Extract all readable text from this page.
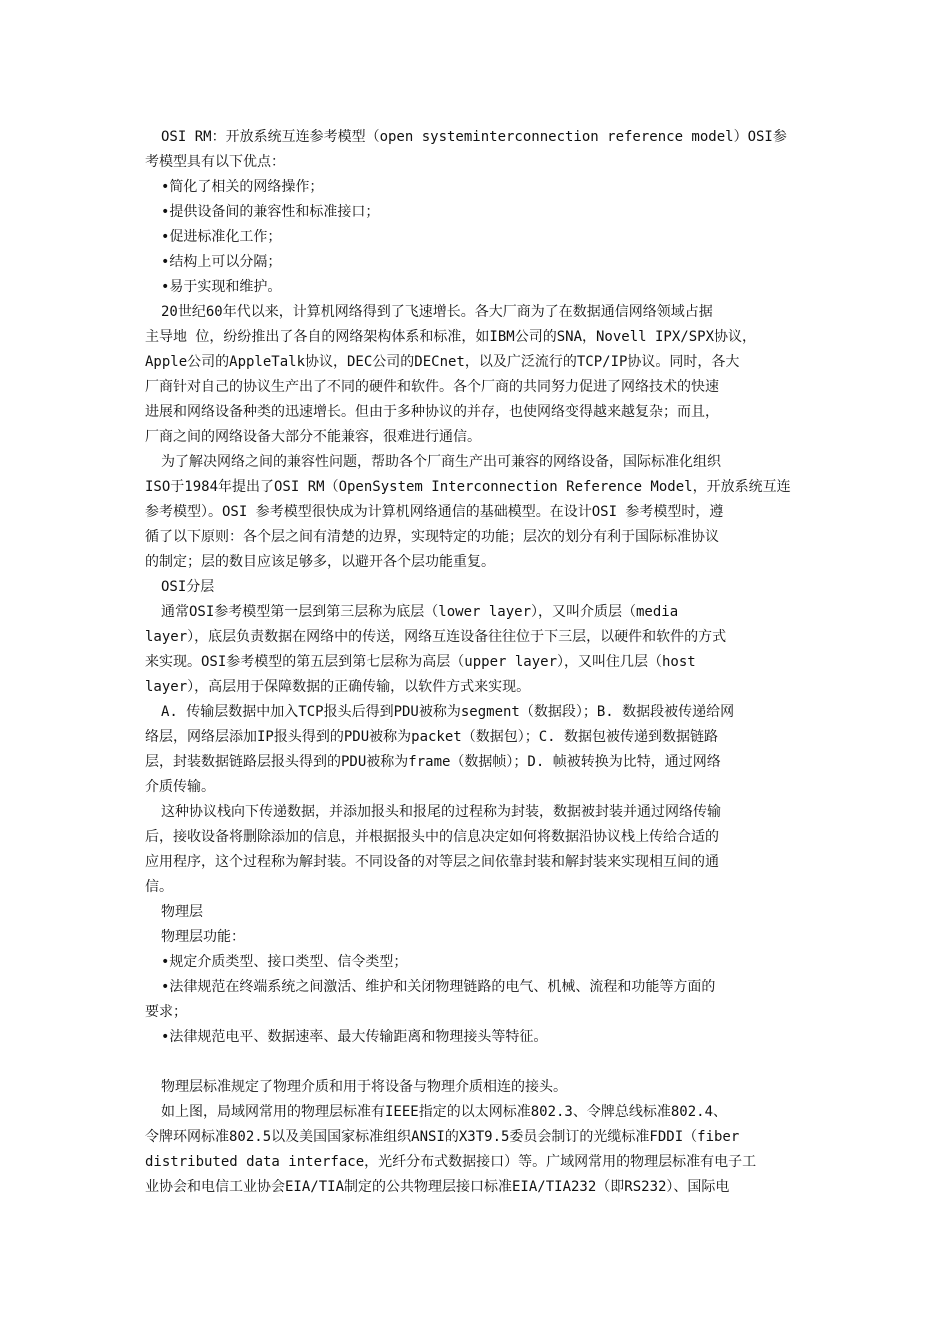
OSI RM：开放系统互连参考模型（open systeminterconnection reference model）OSI参
考模型具有以下优点：
•简化了相关的网络操作；
•提供设备间的兼容性和标准接口；
•促进标准化工作；
•结构上可以分隔；
•易于实现和维护。
20世纪60年代以来，计算机网络得到了飞速增长。各大厂商为了在数据通信网络领域占据
主导地 位，纷纷推出了各自的网络架构体系和标准，如IBM公司的SNA，Novell IPX/SPX协议，
Apple公司的AppleTalk协议，DEC公司的DECnet，以及广泛流行的TCP/IP协议。同时，各大
厂商针对自己的协议生产出了不同的硬件和软件。各个厂商的共同努力促进了网络技术的快速
进展和网络设备种类的迅速增长。但由于多种协议的并存，也使网络变得越来越复杂；而且，
厂商之间的网络设备大部分不能兼容，很难进行通信。
为了解决网络之间的兼容性问题，帮助各个厂商生产出可兼容的网络设备，国际标准化组织
ISO于1984年提出了OSI RM（OpenSystem Interconnection Reference Model，开放系统互连
参考模型）。OSI 参考模型很快成为计算机网络通信的基础模型。在设计OSI 参考模型时，遵
循了以下原则：各个层之间有清楚的边界，实现特定的功能；层次的划分有利于国际标准协议
的制定；层的数目应该足够多，以避开各个层功能重复。
OSI分层
通常OSI参考模型第一层到第三层称为底层（lower layer），又叫介质层（media
layer），底层负责数据在网络中的传送，网络互连设备往往位于下三层，以硬件和软件的方式
来实现。OSI参考模型的第五层到第七层称为高层（upper layer），又叫住几层（host
layer），高层用于保障数据的正确传输，以软件方式来实现。
A. 传输层数据中加入TCP报头后得到PDU被称为segment（数据段）；B. 数据段被传递给网
络层，网络层添加IP报头得到的PDU被称为packet（数据包）；C. 数据包被传递到数据链路
层，封装数据链路层报头得到的PDU被称为frame（数据帧）；D. 帧被转换为比特，通过网络
介质传输。
这种协议栈向下传递数据，并添加报头和报尾的过程称为封装，数据被封装并通过网络传输
后，接收设备将删除添加的信息，并根据报头中的信息决定如何将数据沿协议栈上传给合适的
应用程序，这个过程称为解封装。不同设备的对等层之间依靠封装和解封装来实现相互间的通
信。
物理层
物理层功能：
•规定介质类型、接口类型、信令类型；
•法律规范在终端系统之间激活、维护和关闭物理链路的电气、机械、流程和功能等方面的
要求；
•法律规范电平、数据速率、最大传输距离和物理接头等特征。
物理层标准规定了物理介质和用于将设备与物理介质相连的接头。
如上图，局域网常用的物理层标准有IEEE指定的以太网标准802.3、令牌总线标准802.4、
令牌环网标准802.5以及美国国家标准组织ANSI的X3T9.5委员会制订的光缆标准FDDI（fiber
distributed data interface，光纤分布式数据接口）等。广域网常用的物理层标准有电子工
业协会和电信工业协会EIA/TIA制定的公共物理层接口标准EIA/TIA232（即RS232）、国际电
